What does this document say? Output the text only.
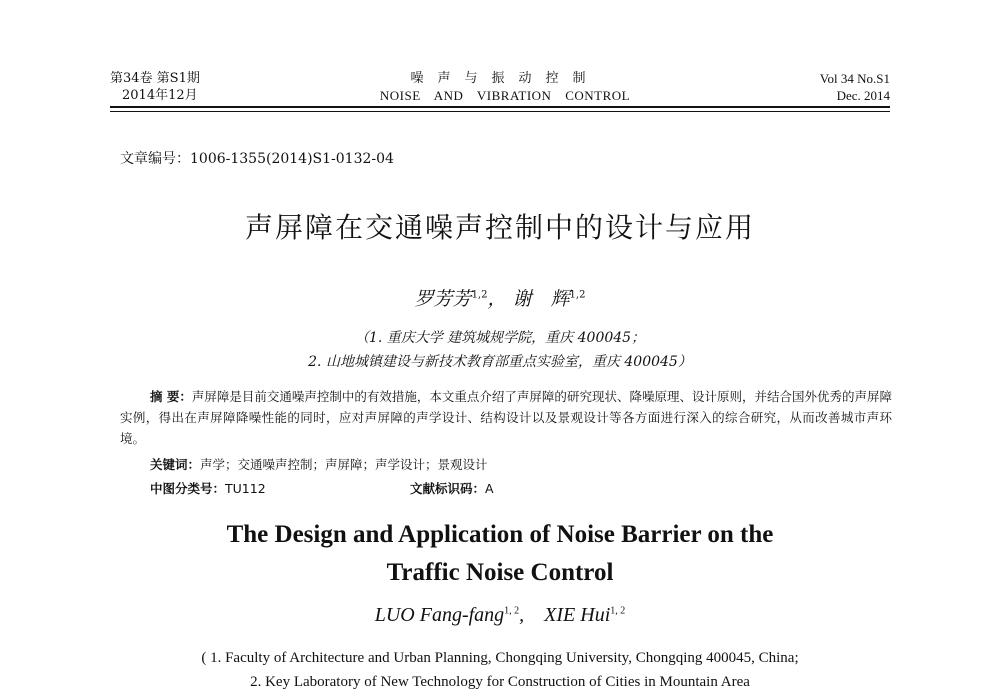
第34卷 第S1期
2014年12月
噪声与振动控制
NOISE AND VIBRATION CONTROL
Vol 34 No.S1
Dec. 2014
文章编号：1006-1355(2014)S1-0132-04
声屏障在交通噪声控制中的设计与应用
罗芳芳$^{1,2}$， 谢　辉$^{1,2}$
（1. 重庆大学 建筑城规学院，重庆 400045；
2. 山地城镇建设与新技术教育部重点实验室，重庆 400045）
摘 要：声屏障是目前交通噪声控制中的有效措施，本文重点介绍了声屏障的研究现状、降噪原理、设计原则，并结合国外优秀的声屏障实例，得出在声屏障降噪性能的同时，应对声屏障的声学设计、结构设计以及景观设计等各方面进行深入的综合研究，从而改善城市声环境。
关键词：声学；交通噪声控制；声屏障；声学设计；景观设计
中图分类号：TU112	文献标识码：A
The Design and Application of Noise Barrier on the
Traffic Noise Control
LUO Fang-fang$^{1, 2}$, XIE Hui$^{1, 2}$
( 1. Faculty of Architecture and Urban Planning, Chongqing University, Chongqing 400045, China;
2. Key Laboratory of New Technology for Construction of Cities in Mountain Area
